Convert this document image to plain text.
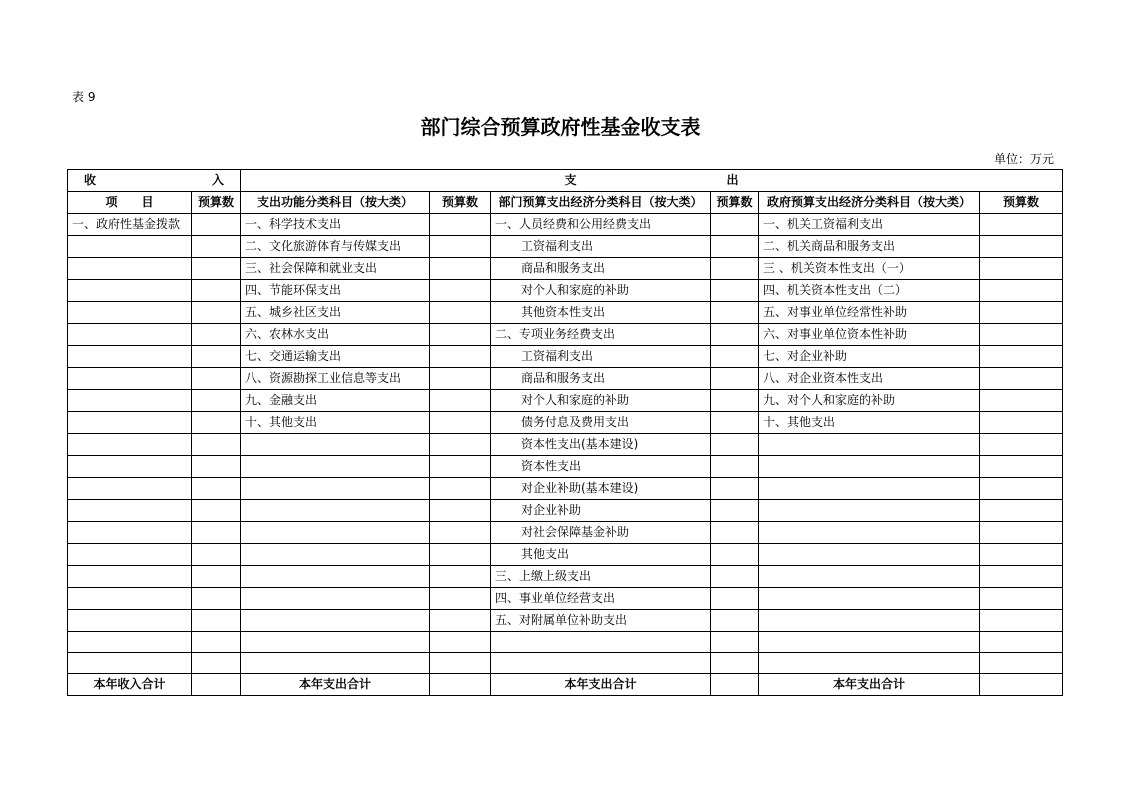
表 9
部门综合预算政府性基金收支表
单位：万元
收 入		支 出					
项　　目	预算数	支出功能分类科目（按大类）	预算数	部门预算支出经济分类科目（按大类）	预算数	政府预算支出经济分类科目（按大类）	预算数
一、政府性基金拨款		一、科学技术支出		一、人员经费和公用经费支出		一、机关工资福利支出	
		二、文化旅游体育与传媒支出		工资福利支出		二、机关商品和服务支出	
		三、社会保障和就业支出		商品和服务支出		三 、机关资本性支出（一）	
		四、节能环保支出		对个人和家庭的补助		四、机关资本性支出（二）	
		五、城乡社区支出		其他资本性支出		五、对事业单位经常性补助	
		六、农林水支出		二、专项业务经费支出		六、对事业单位资本性补助	
		七、交通运输支出		工资福利支出		七、对企业补助	
		八、资源勘探工业信息等支出		商品和服务支出		八、对企业资本性支出	
		九、金融支出		对个人和家庭的补助		九、对个人和家庭的补助	
		十、其他支出		债务付息及费用支出		十、其他支出	
				资本性支出(基本建设)			
				资本性支出			
				对企业补助(基本建设)			
				对企业补助			
				对社会保障基金补助			
				其他支出			
				三、上缴上级支出			
				四、事业单位经营支出			
				五、对附属单位补助支出			

本年收入合计		本年支出合计		本年支出合计		本年支出合计	
